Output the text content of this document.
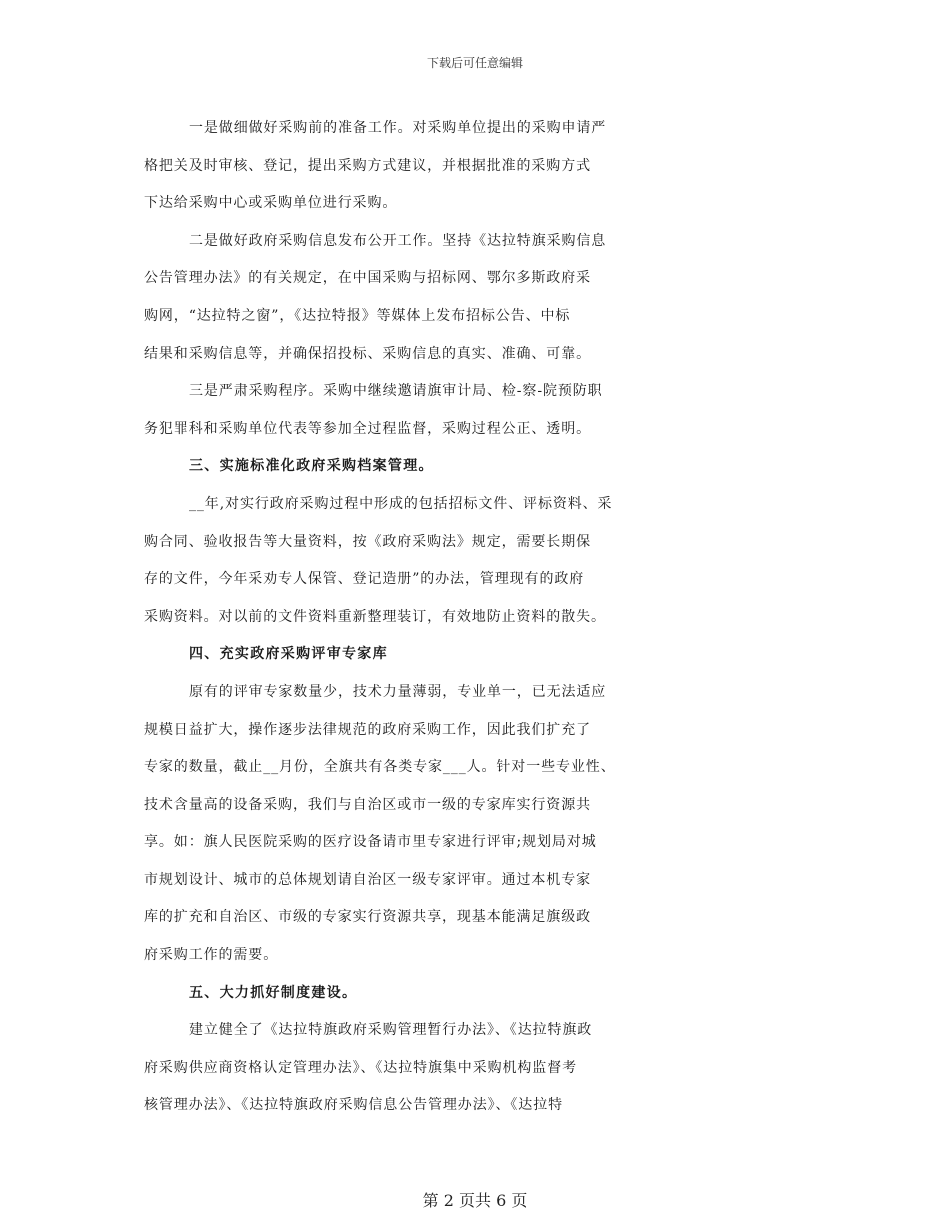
下载后可任意编辑
一是做细做好采购前的准备工作。对采购单位提出的采购申请严
格把关及时审核、登记，提出采购方式建议，并根据批准的采购方式
下达给采购中心或采购单位进行采购。
二是做好政府采购信息发布公开工作。坚持《达拉特旗采购信息
公告管理办法》的有关规定，在中国采购与招标网、鄂尔多斯政府采
购网，“达拉特之窗”，《达拉特报》等媒体上发布招标公告、中标
结果和采购信息等，并确保招投标、采购信息的真实、准确、可靠。
三是严肃采购程序。采购中继续邀请旗审计局、检-察-院预防职
务犯罪科和采购单位代表等参加全过程监督，采购过程公正、透明。
三、实施标准化政府采购档案管理。
__年,对实行政府采购过程中形成的包括招标文件、评标资料、采
购合同、验收报告等大量资料，按《政府采购法》规定，需要长期保
存的文件，今年采劝专人保管、登记造册”的办法，管理现有的政府
采购资料。对以前的文件资料重新整理装订，有效地防止资料的散失。
四、充实政府采购评审专家库
原有的评审专家数量少，技术力量薄弱，专业单一，已无法适应
规模日益扩大，操作逐步法律规范的政府采购工作，因此我们扩充了
专家的数量，截止__月份，全旗共有各类专家___人。针对一些专业性、
技术含量高的设备采购，我们与自治区或市一级的专家库实行资源共
享。如：旗人民医院采购的医疗设备请市里专家进行评审;规划局对城
市规划设计、城市的总体规划请自治区一级专家评审。通过本机专家
库的扩充和自治区、市级的专家实行资源共享，现基本能满足旗级政
府采购工作的需要。
五、大力抓好制度建设。
建立健全了《达拉特旗政府采购管理暂行办法》、《达拉特旗政
府采购供应商资格认定管理办法》、《达拉特旗集中采购机构监督考
核管理办法》、《达拉特旗政府采购信息公告管理办法》、《达拉特
第 2 页共 6 页
